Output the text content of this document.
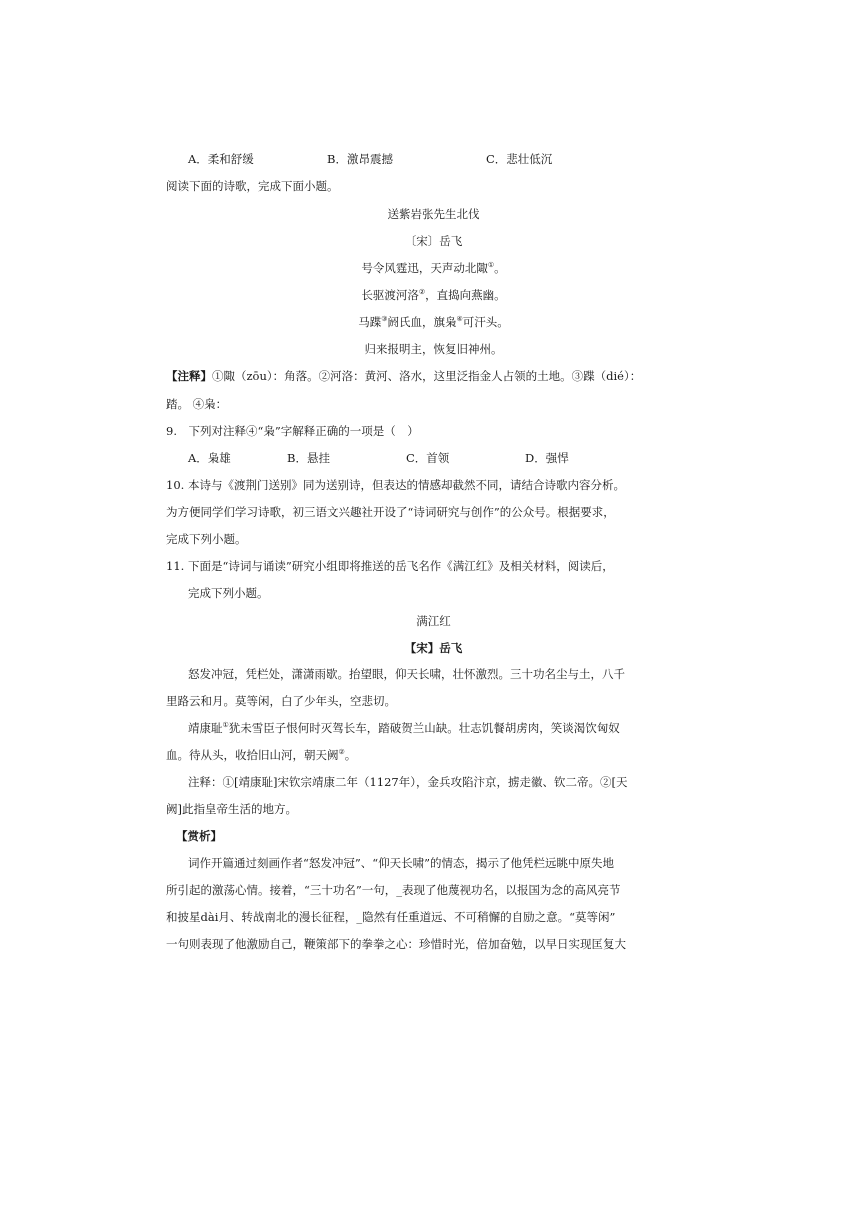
A．柔和舒缓	B．激昂震撼	C．悲壮低沉
阅读下面的诗歌，完成下面小题。
送紫岩张先生北伐
〔宋〕岳飞
号令风霆迅，天声动北陬①。
长驱渡河洛②，直捣向燕幽。
马蹀③阏氏血，旗枭④可汗头。
归来报明主，恢复旧神州。
【注释】①陬（zōu）：角落。②河洛：黄河、洛水，这里泛指金人占领的土地。③蹀（dié）：
踏。 ④枭：
9.　下列对注释④“枭”字解释正确的一项是（　）
A．枭雄	B．悬挂	C．首领	D．强悍
10. 本诗与《渡荆门送别》同为送别诗，但表达的情感却截然不同，请结合诗歌内容分析。
为方便同学们学习诗歌，初三语文兴趣社开设了“诗词研究与创作”的公众号。根据要求，
完成下列小题。
11. 下面是“诗词与诵读”研究小组即将推送的岳飞名作《满江红》及相关材料，阅读后，
完成下列小题。
满江红
【宋】岳飞
怒发冲冠，凭栏处，潇潇雨歇。抬望眼，仰天长啸，壮怀激烈。三十功名尘与土，八千
里路云和月。莫等闲，白了少年头，空悲切。
靖康耻①犹未雪臣子恨何时灭驾长车，踏破贺兰山缺。壮志饥餐胡虏肉，笑谈渴饮匈奴
血。待从头，收拾旧山河，朝天阙②。
注释：①[靖康耻]宋钦宗靖康二年（1127年），金兵攻陷汴京，掳走徽、钦二帝。②[天
阙]此指皇帝生活的地方。
【赏析】
词作开篇通过刻画作者“怒发冲冠”、“仰天长啸”的情态，揭示了他凭栏远眺中原失地
所引起的激荡心情。接着，“三十功名”一句，_表现了他蔑视功名，以报国为念的高风亮节
和披星dài月、转战南北的漫长征程，_隐然有任重道远、不可稍懈的自励之意。“莫等闲”
一句则表现了他激励自己，鞭策部下的拳拳之心：珍惜时光，倍加奋勉，以早日实现匡复大
